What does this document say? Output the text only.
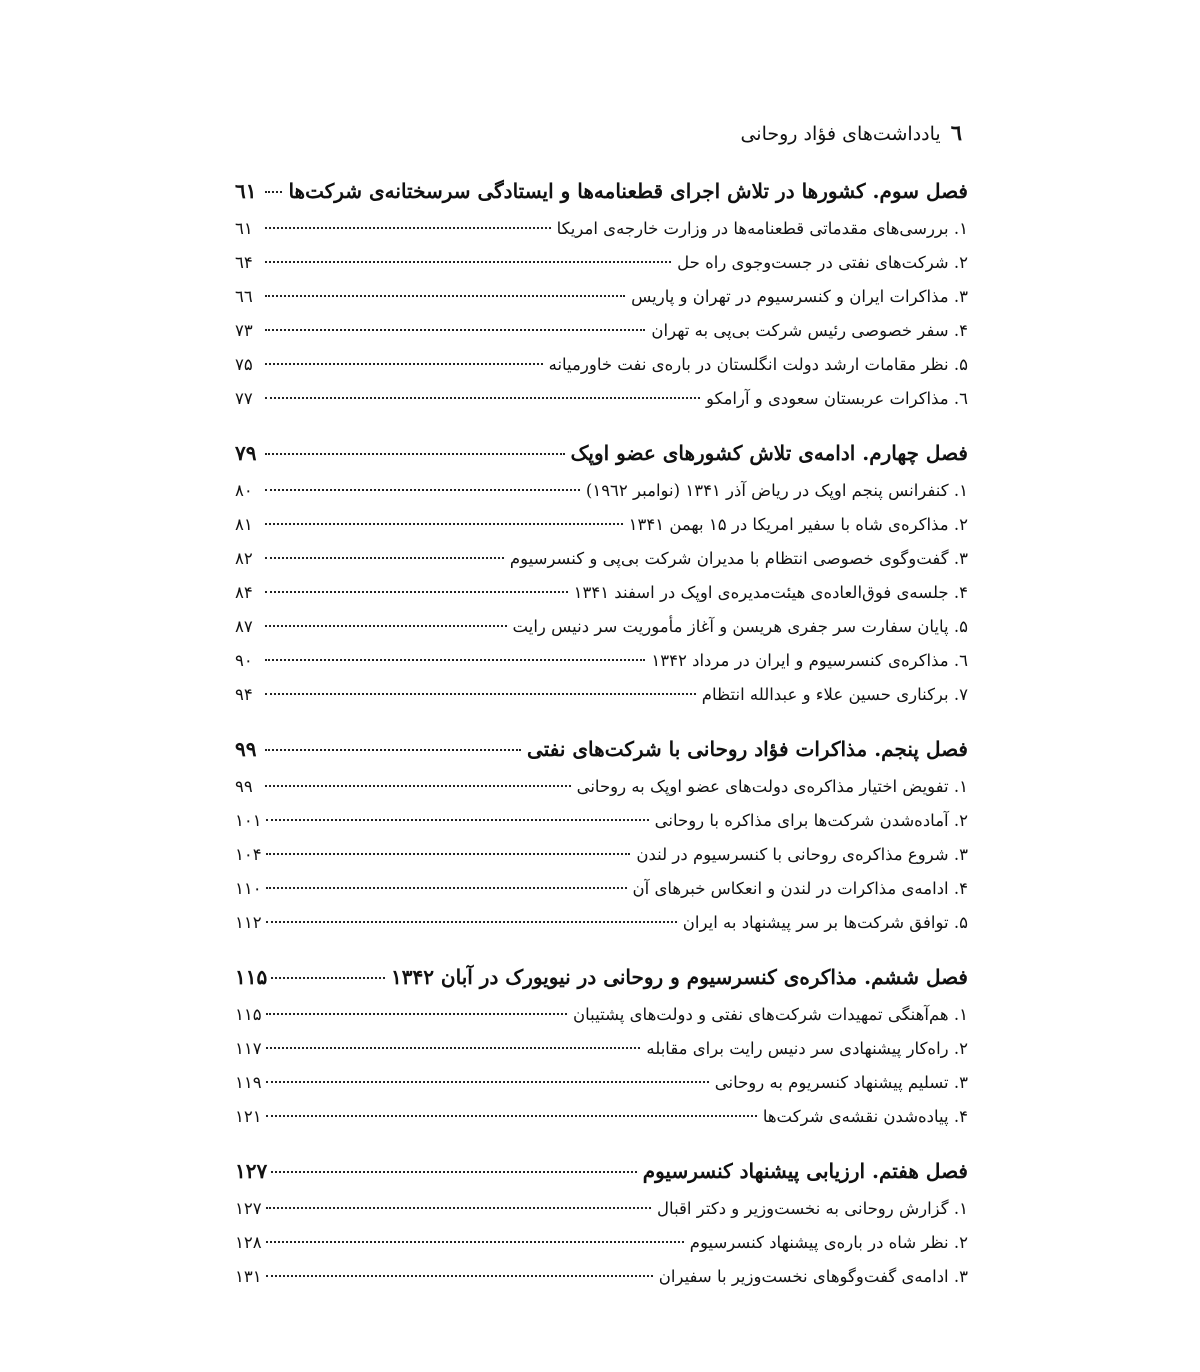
٦
یادداشت‌های فؤاد روحانی
فصل سوم. کشورها در تلاش اجرای قطعنامه‌ها و ایستادگی سرسختانه‌ی شرکت‌ها
٦١
١. بررسی‌های مقدماتی قطعنامه‌ها در وزارت خارجه‌ی امریکا
٦١
٢. شرکت‌های نفتی در جست‌وجوی راه حل
٦۴
٣. مذاکرات ایران و کنسرسیوم در تهران و پاریس
٦٦
۴. سفر خصوصی رئیس شرکت بی‌پی به تهران
٧٣
۵. نظر مقامات ارشد دولت انگلستان در باره‌ی نفت خاورمیانه
٧۵
٦. مذاکرات عربستان سعودی و آرامکو
٧٧
فصل چهارم. ادامه‌ی تلاش کشورهای عضو اوپک
٧٩
١. کنفرانس پنجم اوپک در ریاض آذر ١٣۴١ (نوامبر ١٩٦٢)
٨٠
٢. مذاکره‌ی شاه با سفیر امریکا در ١۵ بهمن ١٣۴١
٨١
٣. گفت‌وگوی خصوصی انتظام با مدیران شرکت بی‌پی و کنسرسیوم
٨٢
۴. جلسه‌ی فوق‌العاده‌ی هیئت‌مدیره‌ی اوپک در اسفند ١٣۴١
٨۴
۵. پایان سفارت سر جفری هریسن و آغاز مأموریت سر دنیس رایت
٨٧
٦. مذاکره‌ی کنسرسیوم و ایران در مرداد ١٣۴٢
٩٠
٧. برکناری حسین علاء و عبدالله انتظام
٩۴
فصل پنجم. مذاکرات فؤاد روحانی با شرکت‌های نفتی
٩٩
١. تفویض اختیار مذاکره‌ی دولت‌های عضو اوپک به روحانی
٩٩
٢. آماده‌شدن شرکت‌ها برای مذاکره با روحانی
١٠١
٣. شروع مذاکره‌ی روحانی با کنسرسیوم در لندن
١٠۴
۴. ادامه‌ی مذاکرات در لندن و انعکاس خبرهای آن
١١٠
۵. توافق شرکت‌ها بر سر پیشنهاد به ایران
١١٢
فصل ششم. مذاکره‌ی کنسرسیوم و روحانی در نیویورک در آبان ١٣۴٢
١١۵
١. هم‌آهنگی تمهیدات شرکت‌های نفتی و دولت‌های پشتیبان
١١۵
٢. راه‌کار پیشنهادی سر دنیس رایت برای مقابله
١١٧
٣. تسلیم پیشنهاد کنسریوم به روحانی
١١٩
۴. پیاده‌شدن نقشه‌ی شرکت‌ها
١٢١
فصل هفتم. ارزیابی پیشنهاد کنسرسیوم
١٢٧
١. گزارش روحانی به نخست‌وزیر و دکتر اقبال
١٢٧
٢. نظر شاه در باره‌ی پیشنهاد کنسرسیوم
١٢٨
٣. ادامه‌ی گفت‌وگوهای نخست‌وزیر با سفیران
١٣١
